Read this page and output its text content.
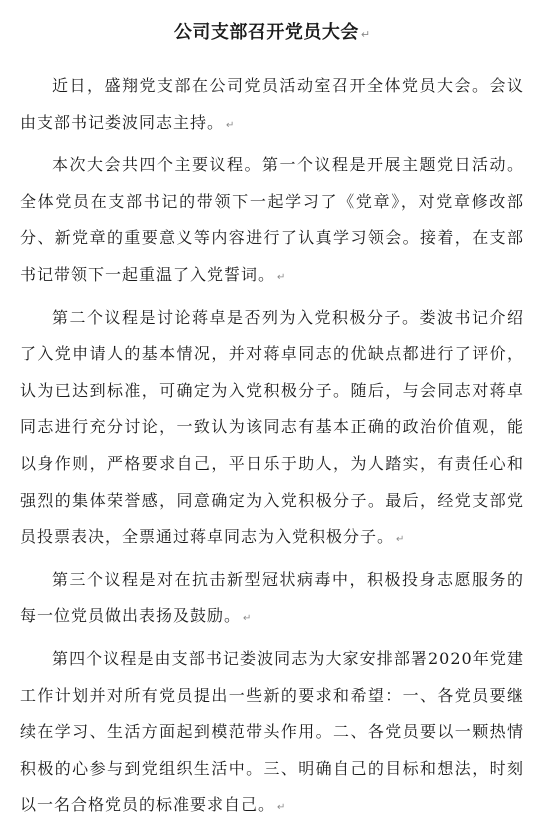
公司支部召开党员大会 ↵

近日，盛翔党支部在公司党员活动室召开全体党员大会。会议由支部书记娄波同志主持。 ↵

本次大会共四个主要议程。第一个议程是开展主题党日活动。全体党员在支部书记的带领下一起学习了《党章》，对党章修改部分、新党章的重要意义等内容进行了认真学习领会。接着，在支部书记带领下一起重温了入党誓词。 ↵

第二个议程是讨论蒋卓是否列为入党积极分子。娄波书记介绍了入党申请人的基本情况，并对蒋卓同志的优缺点都进行了评价，认为已达到标准，可确定为入党积极分子。随后，与会同志对蒋卓同志进行充分讨论，一致认为该同志有基本正确的政治价值观，能以身作则，严格要求自己，平日乐于助人，为人踏实，有责任心和强烈的集体荣誉感，同意确定为入党积极分子。最后，经党支部党员投票表决，全票通过蒋卓同志为入党积极分子。 ↵

第三个议程是对在抗击新型冠状病毒中，积极投身志愿服务的每一位党员做出表扬及鼓励。 ↵

第四个议程是由支部书记娄波同志为大家安排部署2020年党建工作计划并对所有党员提出一些新的要求和希望：一、各党员要继续在学习、生活方面起到模范带头作用。二、各党员要以一颗热情积极的心参与到党组织生活中。三、明确自己的目标和想法，时刻以一名合格党员的标准要求自己。 ↵
